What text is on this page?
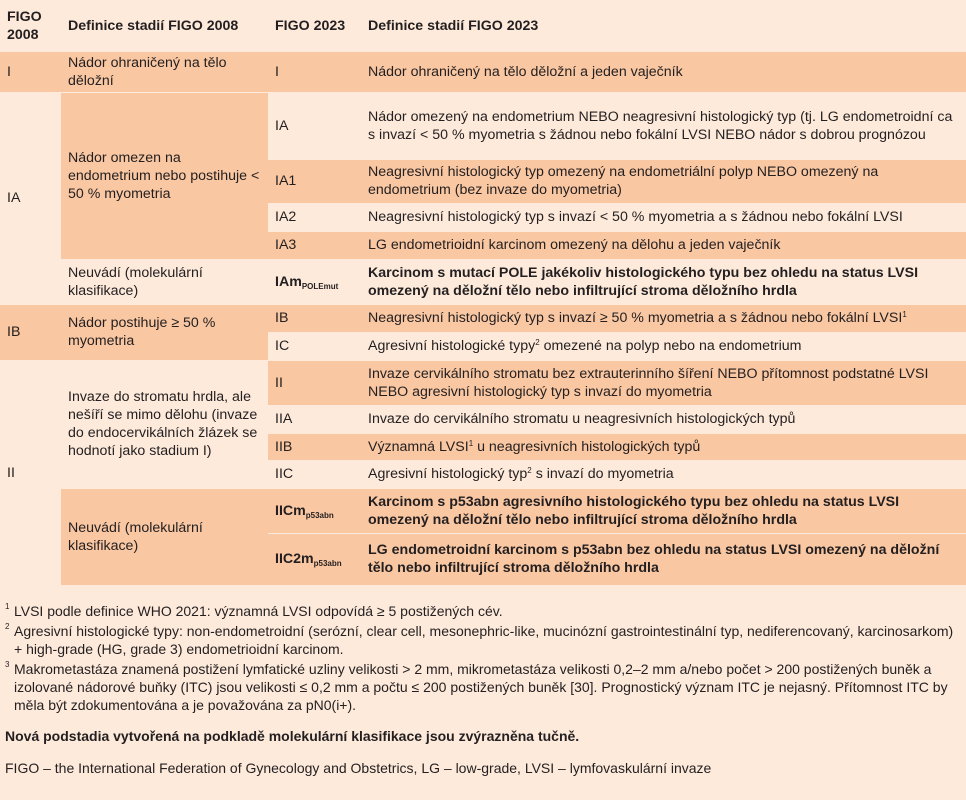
FIGO
2008	Definice stadií FIGO 2008	FIGO 2023	Definice stadií FIGO 2023
I	Nádor ohraničený na tělo děložní	I	Nádor ohraničený na tělo děložní a jeden vaječník
IA	Nádor omezen na endometrium nebo postihuje < 50 % myometria	IA	Nádor omezený na endometrium NEBO neagresivní histologický typ (tj. LG endometroidní ca s invazí < 50 % myometria s žádnou nebo fokální LVSI NEBO nádor s dobrou prognózou
		IA1	Neagresivní histologický typ omezený na endometriální polyp NEBO omezený na endometrium (bez invaze do myometria)
		IA2	Neagresivní histologický typ s invazí < 50 % myometria a s žádnou nebo fokální LVSI
		IA3	LG endometrioidní karcinom omezený na dělohu a jeden vaječník
	Neuvádí (molekulární klasifikace)	IAm$_{POLEmut}$	Karcinom s mutací POLE jakékoliv histologického typu bez ohledu na status LVSI omezený na děložní tělo nebo infiltrující stroma děložního hrdla
IB	Nádor postihuje ≥ 50 % myometria	IB	Neagresivní histologický typ s invazí ≥ 50 % myometria a s žádnou nebo fokální LVSI$^1$
		IC	Agresivní histologické typy$^2$ omezené na polyp nebo na endometrium
II	Invaze do stromatu hrdla, ale nešíří se mimo dělohu (invaze do endocervikálních žlázek se hodnotí jako stadium I)	II	Invaze cervikálního stromatu bez extrauterinního šíření NEBO přítomnost podstatné LVSI NEBO agresivní histologický typ s invazí do myometria
		IIA	Invaze do cervikálního stromatu u neagresivních histologických typů
		IIB	Významná LVSI$^1$ u neagresivních histologických typů
		IIC	Agresivní histologický typ$^2$ s invazí do myometria
	Neuvádí (molekulární klasifikace)	IICm$_{p53abn}$	Karcinom s p53abn agresivního histologického typu bez ohledu na status LVSI omezený na děložní tělo nebo infiltrující stroma děložního hrdla
		$IIC2m_{p53abn}$	LG endometroidní karcinom s p53abn bez ohledu na status LVSI omezený na děložní tělo nebo infiltrující stroma děložního hrdla
1 LVSI podle definice WHO 2021: významná LVSI odpovídá ≥ 5 postižených cév.
2 Agresivní histologické typy: non-endometroidní (serózní, clear cell, mesonephric-like, mucinózní gastrointestinální typ, nediferencovaný, karcinosarkom) + high-grade (HG, grade 3) endometrioidní karcinom.
3 Makrometastáza znamená postižení lymfatické uzliny velikosti > 2 mm, mikrometastáza velikosti 0,2–2 mm a/nebo počet > 200 postižených buněk a izolované nádorové buňky (ITC) jsou velikosti ≤ 0,2 mm a počtu ≤ 200 postižených buněk [30]. Prognostický význam ITC je nejasný. Přítomnost ITC by měla být zdokumentována a je považována za pN0(i+).
Nová podstadia vytvořená na podkladě molekulární klasifikace jsou zvýrazněna tučně.
FIGO – the International Federation of Gynecology and Obstetrics, LG – low-grade, LVSI – lymfovaskulární invaze
